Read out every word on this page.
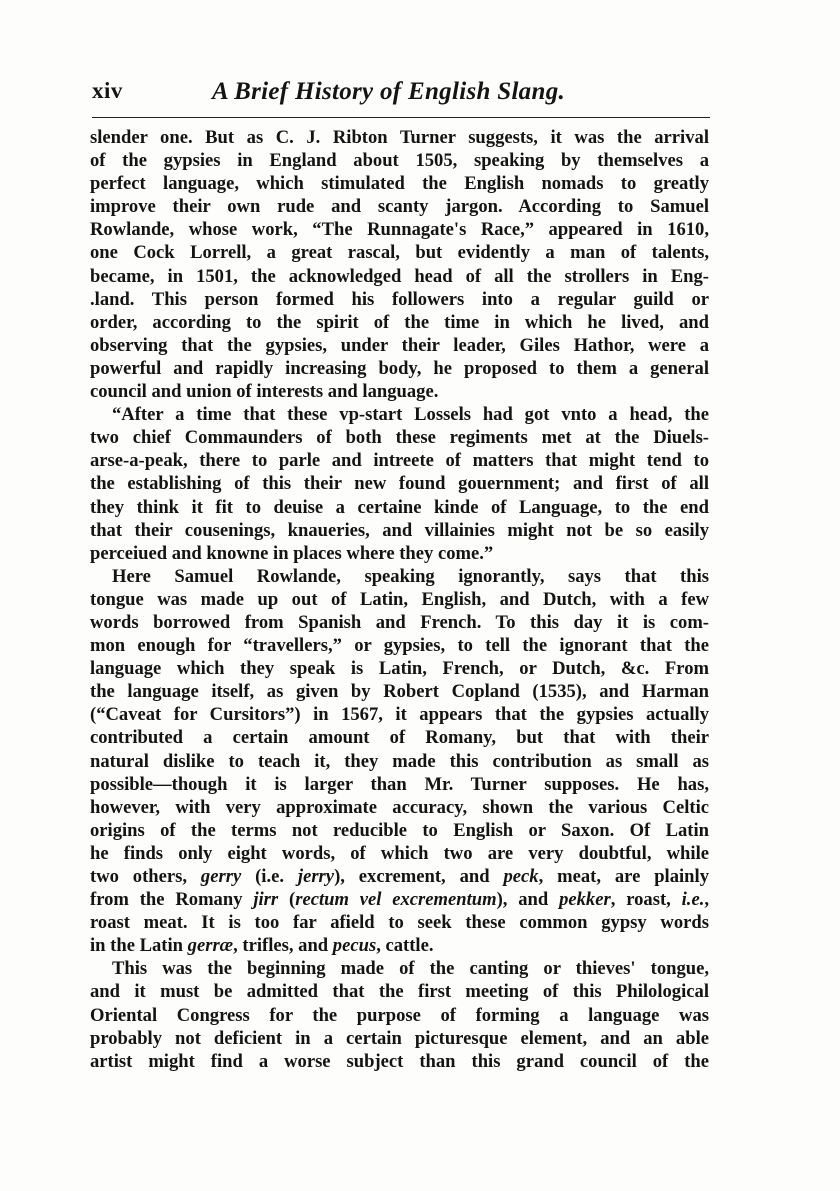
xiv	A Brief History of English Slang.
slender one. But as C. J. Ribton Turner suggests, it was the arrival
of the gypsies in England about 1505, speaking by themselves a
perfect language, which stimulated the English nomads to greatly
improve their own rude and scanty jargon. According to Samuel
Rowlande, whose work, “The Runnagate's Race,” appeared in 1610,
one Cock Lorrell, a great rascal, but evidently a man of talents,
became, in 1501, the acknowledged head of all the strollers in Eng-
.land. This person formed his followers into a regular guild or
order, according to the spirit of the time in which he lived, and
observing that the gypsies, under their leader, Giles Hathor, were a
powerful and rapidly increasing body, he proposed to them a general
council and union of interests and language.
“After a time that these vp-start Lossels had got vnto a head, the
two chief Commaunders of both these regiments met at the Diuels-
arse-a-peak, there to parle and intreete of matters that might tend to
the establishing of this their new found gouernment; and first of all
they think it fit to deuise a certaine kinde of Language, to the end
that their cousenings, knaueries, and villainies might not be so easily
perceiued and knowne in places where they come.”
Here Samuel Rowlande, speaking ignorantly, says that this
tongue was made up out of Latin, English, and Dutch, with a few
words borrowed from Spanish and French. To this day it is com-
mon enough for “travellers,” or gypsies, to tell the ignorant that the
language which they speak is Latin, French, or Dutch, &c. From
the language itself, as given by Robert Copland (1535), and Harman
(“Caveat for Cursitors”) in 1567, it appears that the gypsies actually
contributed a certain amount of Romany, but that with their
natural dislike to teach it, they made this contribution as small as
possible—though it is larger than Mr. Turner supposes. He has,
however, with very approximate accuracy, shown the various Celtic
origins of the terms not reducible to English or Saxon. Of Latin
he finds only eight words, of which two are very doubtful, while
two others, gerry (i.e. jerry), excrement, and peck, meat, are plainly
from the Romany jirr (rectum vel excrementum), and pekker, roast, i.e.,
roast meat. It is too far afield to seek these common gypsy words
in the Latin gerræ, trifles, and pecus, cattle.
This was the beginning made of the canting or thieves' tongue,
and it must be admitted that the first meeting of this Philological
Oriental Congress for the purpose of forming a language was
probably not deficient in a certain picturesque element, and an able
artist might find a worse subject than this grand council of the
